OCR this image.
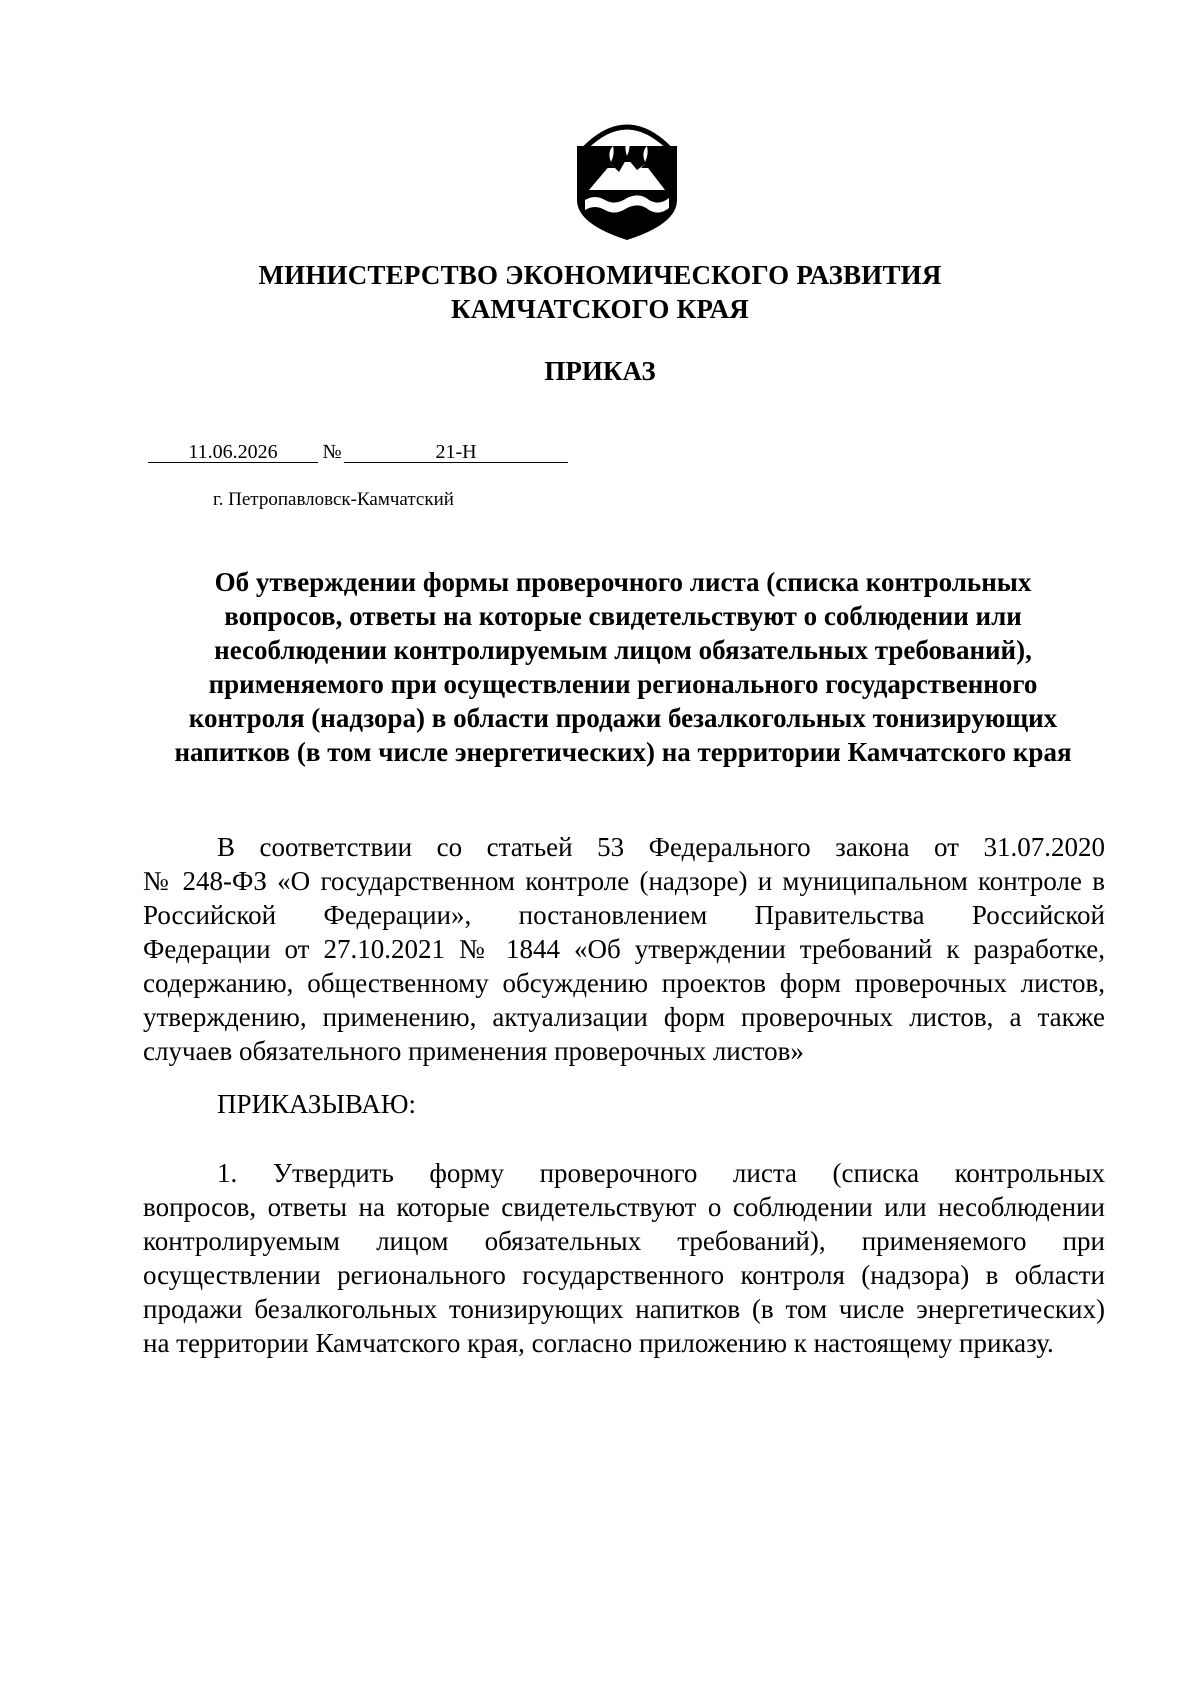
МИНИСТЕРСТВО ЭКОНОМИЧЕСКОГО РАЗВИТИЯ
КАМЧАТСКОГО КРАЯ
ПРИКАЗ
11.06.2026	№	21-Н
г. Петропавловск-Камчатский
Об утверждении формы проверочного листа (списка контрольных
вопросов, ответы на которые свидетельствуют о соблюдении или
несоблюдении контролируемым лицом обязательных требований),
применяемого при осуществлении регионального государственного
контроля (надзора) в области продажи безалкогольных тонизирующих
напитков (в том числе энергетических) на территории Камчатского края
В соответствии со статьей 53 Федерального закона от 31.07.2020
№ 248-ФЗ «О государственном контроле (надзоре) и муниципальном контроле в
Российской Федерации», постановлением Правительства Российской
Федерации от 27.10.2021 № 1844 «Об утверждении требований к разработке,
содержанию, общественному обсуждению проектов форм проверочных листов,
утверждению, применению, актуализации форм проверочных листов, а также
случаев обязательного применения проверочных листов»
ПРИКАЗЫВАЮ:
1. Утвердить форму проверочного листа (списка контрольных
вопросов, ответы на которые свидетельствуют о соблюдении или несоблюдении
контролируемым лицом обязательных требований), применяемого при
осуществлении регионального государственного контроля (надзора) в области
продажи безалкогольных тонизирующих напитков (в том числе энергетических)
на территории Камчатского края, согласно приложению к настоящему приказу.
